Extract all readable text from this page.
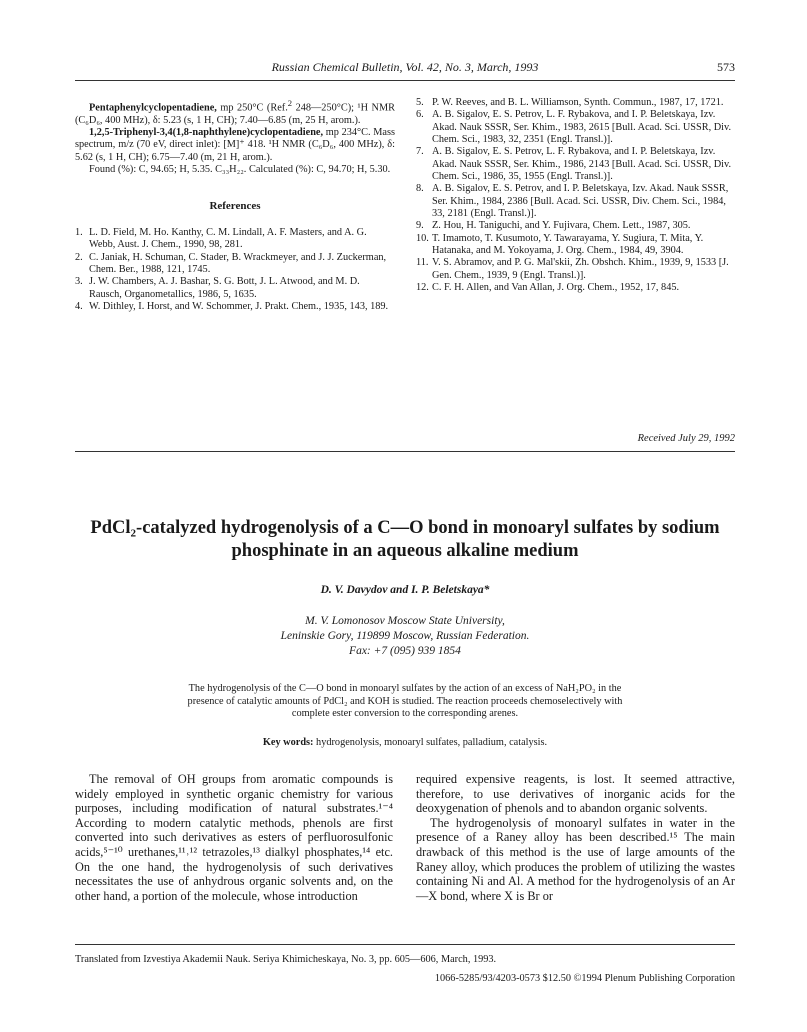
Russian Chemical Bulletin, Vol. 42, No. 3, March, 1993	573

Pentaphenylcyclopentadiene, mp 250°C (Ref.$^2$ 248—250°C); ¹H NMR (C₆D₆, 400 MHz), δ: 5.23 (s, 1 H, CH); 7.40—6.85 (m, 25 H, arom.).

1,2,5-Triphenyl-3,4(1,8-naphthylene)cyclopentadiene, mp 234°C. Mass spectrum, m/z (70 eV, direct inlet): [M]⁺ 418. ¹H NMR (C₆D₆, 400 MHz), δ: 5.62 (s, 1 H, CH); 6.75—7.40 (m, 21 H, arom.).

Found (%): C, 94.65; H, 5.35. C₃₃H₂₂. Calculated (%): C, 94.70; H, 5.30.

References

1. L. D. Field, M. Ho. Kanthy, C. M. Lindall, A. F. Masters, and A. G. Webb, Aust. J. Chem., 1990, 98, 281.
2. C. Janiak, H. Schuman, C. Stader, B. Wrackmeyer, and J. J. Zuckerman, Chem. Ber., 1988, 121, 1745.
3. J. W. Chambers, A. J. Bashar, S. G. Bott, J. L. Atwood, and M. D. Rausch, Organometallics, 1986, 5, 1635.
4. W. Dithley, I. Horst, and W. Schommer, J. Prakt. Chem., 1935, 143, 189.
5. P. W. Reeves, and B. L. Williamson, Synth. Commun., 1987, 17, 1721.
6. A. B. Sigalov, E. S. Petrov, L. F. Rybakova, and I. P. Beletskaya, Izv. Akad. Nauk SSSR, Ser. Khim., 1983, 2615 [Bull. Acad. Sci. USSR, Div. Chem. Sci., 1983, 32, 2351 (Engl. Transl.)].
7. A. B. Sigalov, E. S. Petrov, L. F. Rybakova, and I. P. Beletskaya, Izv. Akad. Nauk SSSR, Ser. Khim., 1986, 2143 [Bull. Acad. Sci. USSR, Div. Chem. Sci., 1986, 35, 1955 (Engl. Transl.)].
8. A. B. Sigalov, E. S. Petrov, and I. P. Beletskaya, Izv. Akad. Nauk SSSR, Ser. Khim., 1984, 2386 [Bull. Acad. Sci. USSR, Div. Chem. Sci., 1984, 33, 2181 (Engl. Transl.)].
9. Z. Hou, H. Taniguchi, and Y. Fujivara, Chem. Lett., 1987, 305.
10. T. Imamoto, T. Kusumoto, Y. Tawarayama, Y. Sugiura, T. Mita, Y. Hatanaka, and M. Yokoyama, J. Org. Chem., 1984, 49, 3904.
11. V. S. Abramov, and P. G. Mal'skii, Zh. Obshch. Khim., 1939, 9, 1533 [J. Gen. Chem., 1939, 9 (Engl. Transl.)].
12. C. F. H. Allen, and Van Allan, J. Org. Chem., 1952, 17, 845.
Received July 29, 1992
PdCl₂-catalyzed hydrogenolysis of a C—O bond in monoaryl sulfates by sodium phosphinate in an aqueous alkaline medium
D. V. Davydov and I. P. Beletskaya*
M. V. Lomonosov Moscow State University,
Leninskie Gory, 119899 Moscow, Russian Federation.
Fax: +7 (095) 939 1854
The hydrogenolysis of the C—O bond in monoaryl sulfates by the action of an excess of NaH₂PO₂ in the presence of catalytic amounts of PdCl₂ and KOH is studied. The reaction proceeds chemoselectively with complete ester conversion to the corresponding arenes.
Key words: hydrogenolysis, monoaryl sulfates, palladium, catalysis.

The removal of OH groups from aromatic compounds is widely employed in synthetic organic chemistry for various purposes, including modification of natural substrates.¹⁻⁴ According to modern catalytic methods, phenols are first converted into such derivatives as esters of perfluorosulfonic acids,⁵⁻¹⁰ urethanes,¹¹˒¹² tetrazoles,¹³ dialkyl phosphates,¹⁴ etc. On the one hand, the hydrogenolysis of such derivatives necessitates the use of anhydrous organic solvents and, on the other hand, a portion of the molecule, whose introduction

required expensive reagents, is lost. It seemed attractive, therefore, to use derivatives of inorganic acids for the deoxygenation of phenols and to abandon organic solvents.

The hydrogenolysis of monoaryl sulfates in water in the presence of a Raney alloy has been described.¹⁵ The main drawback of this method is the use of large amounts of the Raney alloy, which produces the problem of utilizing the wastes containing Ni and Al. A method for the hydrogenolysis of an Ar—X bond, where X is Br or

Translated from Izvestiya Akademii Nauk. Seriya Khimicheskaya, No. 3, pp. 605—606, March, 1993.
1066-5285/93/4203-0573 $12.50 ©1994 Plenum Publishing Corporation
